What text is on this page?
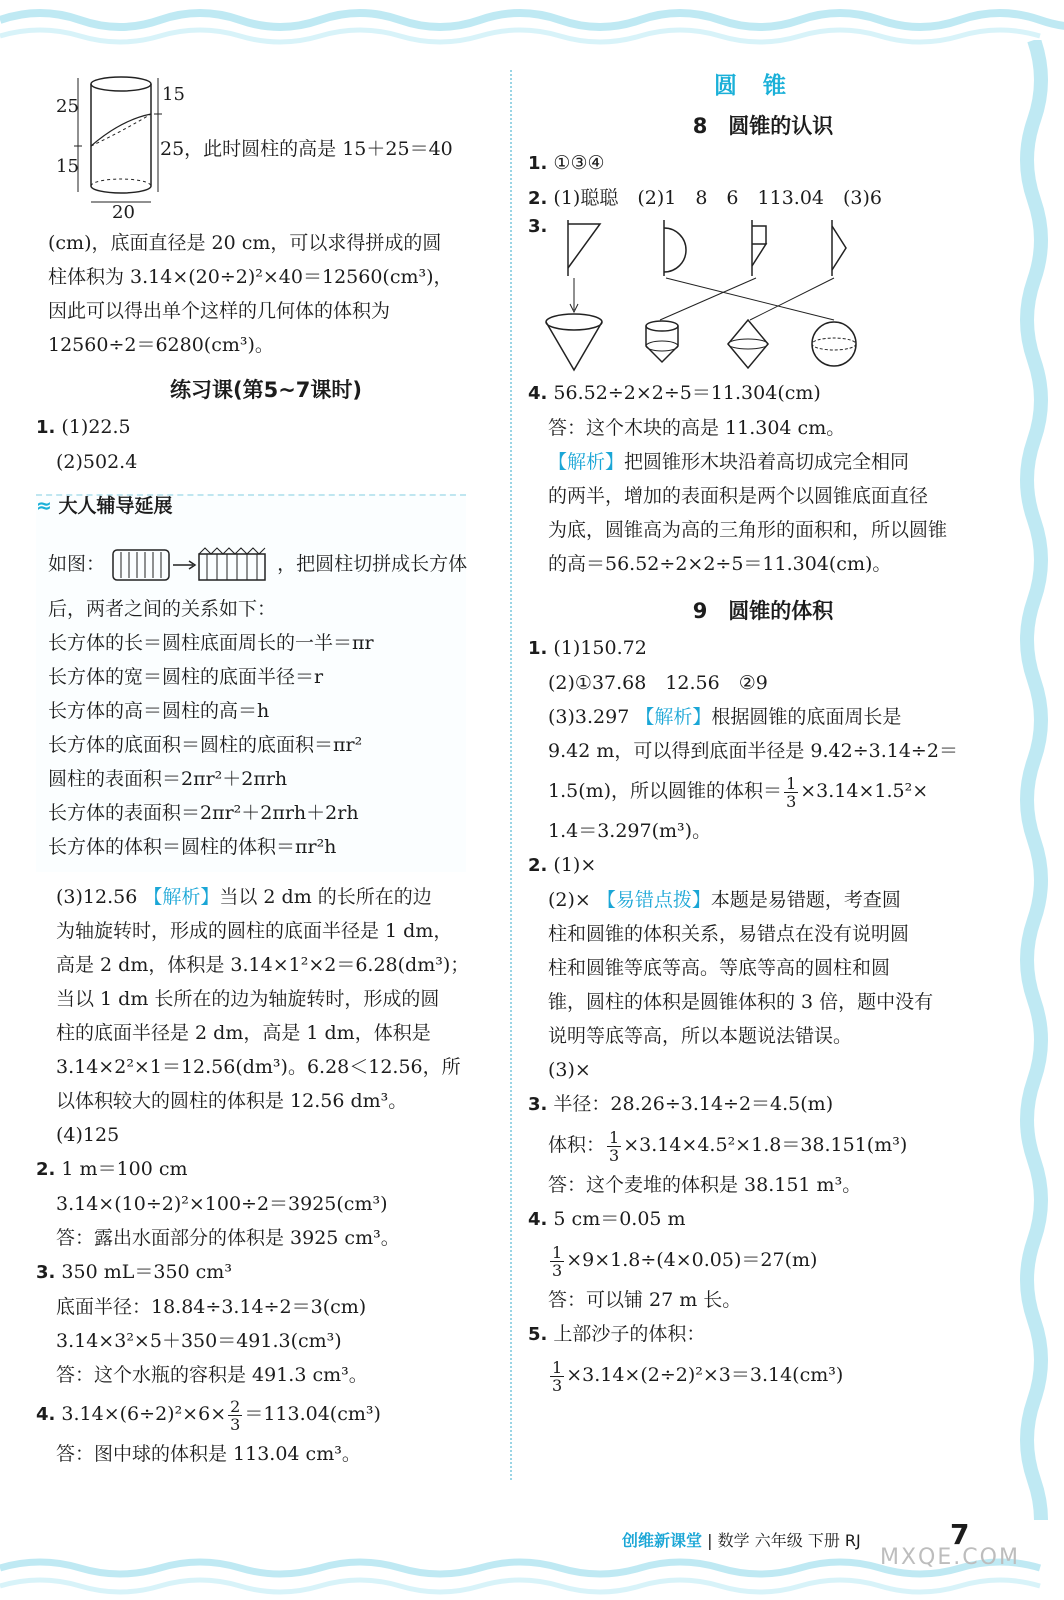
25
15
20
15
25，此时圆柱的高是 15＋25＝40
(cm)，底面直径是 20 cm，可以求得拼成的圆
柱体积为 3.14×(20÷2)²×40＝12560(cm³)，
因此可以得出单个这样的几何体的体积为
12560÷2＝6280(cm³)。
练习课(第5~7课时)
1. (1)22.5
(2)502.4
≈ 大人辅导延展
如图：	，把圆柱切拼成长方体
后，两者之间的关系如下：
长方体的长＝圆柱底面周长的一半＝πr
长方体的宽＝圆柱的底面半径＝r
长方体的高＝圆柱的高＝h
长方体的底面积＝圆柱的底面积＝πr²
圆柱的表面积＝2πr²＋2πrh
长方体的表面积＝2πr²＋2πrh＋2rh
长方体的体积＝圆柱的体积＝πr²h
(3)12.56 【解析】当以 2 dm 的长所在的边
为轴旋转时，形成的圆柱的底面半径是 1 dm，
高是 2 dm，体积是 3.14×1²×2＝6.28(dm³)；
当以 1 dm 长所在的边为轴旋转时，形成的圆
柱的底面半径是 2 dm，高是 1 dm，体积是
3.14×2²×1＝12.56(dm³)。6.28＜12.56，所
以体积较大的圆柱的体积是 12.56 dm³。
(4)125
2. 1 m＝100 cm
3.14×(10÷2)²×100÷2＝3925(cm³)
答：露出水面部分的体积是 3925 cm³。
3. 350 mL＝350 cm³
底面半径：18.84÷3.14÷2＝3(cm)
3.14×3²×5＋350＝491.3(cm³)
答：这个水瓶的容积是 491.3 cm³。
4. $3.14\times(6\div 2)^2\times 6\times \frac{2}{3} =113.04(cm^3)$
答：图中球的体积是 113.04 cm³。
圆锥
8　圆锥的认识
1. ①③④
2. (1)聪聪　(2)1　8　6　113.04　(3)6
3.
4. 56.52÷2×2÷5＝11.304(cm)
答：这个木块的高是 11.304 cm。
【解析】把圆锥形木块沿着高切成完全相同
的两半，增加的表面积是两个以圆锥底面直径
为底，圆锥高为高的三角形的面积和，所以圆锥
的高＝56.52÷2×2÷5＝11.304(cm)。
9　圆锥的体积
1. (1)150.72
(2)①37.68　12.56　②9
(3)3.297 【解析】根据圆锥的底面周长是
9.42 m，可以得到底面半径是 9.42÷3.14÷2＝
1.5(m)，所以圆锥的体积＝ $\frac{1}{3} \times 3.14\times 1.5^2\times$
1.4＝3.297(m³)。
2. (1)×
(2)× 【易错点拨】本题是易错题，考查圆
柱和圆锥的体积关系，易错点在没有说明圆
柱和圆锥等底等高。等底等高的圆柱和圆
锥，圆柱的体积是圆锥体积的 3 倍，题中没有
说明等底等高，所以本题说法错误。
(3)×
3. 半径：28.26÷3.14÷2＝4.5(m)
体积： $\frac{1}{3} \times 3.14\times 4.5^2\times 1.8=38.151(m^3)$
答：这个麦堆的体积是 38.151 m³。
4. 5 cm＝0.05 m
$\frac{1}{3} \times 9\times 1.8\div(4\times 0.05)=27(m)$
答：可以铺 27 m 长。
5. 上部沙子的体积：
$\frac{1}{3} \times 3.14\times(2\div 2)^2\times 3=3.14(cm^3)$
创维新课堂 | 数学 六年级 下册 RJ	7
MXQE.COM
